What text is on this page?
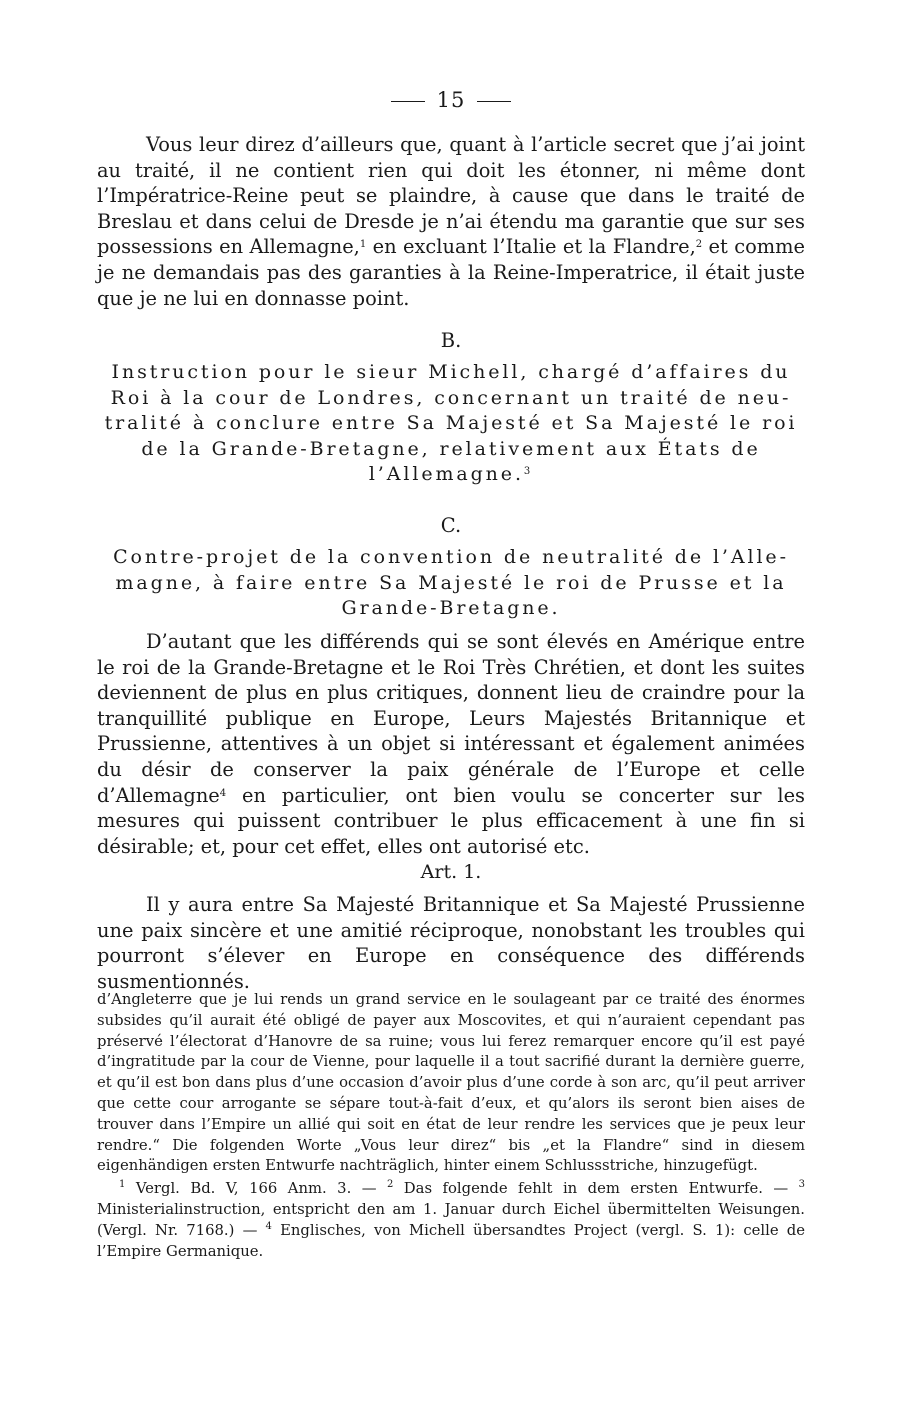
15

Vous leur direz d’ailleurs que, quant à l’article secret que j’ai joint au traité, il ne contient rien qui doit les étonner, ni même dont l’Impératrice-Reine peut se plaindre, à cause que dans le traité de Breslau et dans celui de Dresde je n’ai étendu ma garantie que sur ses possessions en Allemagne,$^1$ en excluant l’Italie et la Flandre,$^2$ et comme je ne demandais pas des garanties à la Reine-Imperatrice, il était juste que je ne lui en donnasse point.

B.
Instruction pour le sieur Michell, chargé d’affaires du
Roi à la cour de Londres, concernant un traité de neu-
tralité à conclure entre Sa Majesté et Sa Majesté le roi
de la Grande-Bretagne, relativement aux États de
l’Allemagne.$^3$
C.
Contre-projet de la convention de neutralité de l’Alle-
magne, à faire entre Sa Majesté le roi de Prusse et la
Grande-Bretagne.

D’autant que les différends qui se sont élevés en Amérique entre le roi de la Grande-Bretagne et le Roi Très Chrétien, et dont les suites deviennent de plus en plus critiques, donnent lieu de craindre pour la tranquillité publique en Europe, Leurs Majestés Britannique et Prussienne, attentives à un objet si intéressant et également animées du désir de conserver la paix générale de l’Europe et celle d’Allemagne$^4$ en particulier, ont bien voulu se concerter sur les mesures qui puissent contribuer le plus efficacement à une fin si désirable; et, pour cet effet, elles ont autorisé etc.

Art. 1.

Il y aura entre Sa Majesté Britannique et Sa Majesté Prussienne une paix sincère et une amitié réciproque, nonobstant les troubles qui pourront s’élever en Europe en conséquence des différends susmentionnés.

d’Angleterre que je lui rends un grand service en le soulageant par ce traité des énormes subsides qu’il aurait été obligé de payer aux Moscovites, et qui n’auraient cependant pas préservé l’électorat d’Hanovre de sa ruine; vous lui ferez remarquer encore qu’il est payé d’ingratitude par la cour de Vienne, pour laquelle il a tout sacrifié durant la dernière guerre, et qu’il est bon dans plus d’une occasion d’avoir plus d’une corde à son arc, qu’il peut arriver que cette cour arrogante se sépare tout-à-fait d’eux, et qu’alors ils seront bien aises de trouver dans l’Empire un allié qui soit en état de leur rendre les services que je peux leur rendre.“ Die folgenden Worte „Vous leur direz“ bis „et la Flandre“ sind in diesem eigenhändigen ersten Entwurfe nachträglich, hinter einem Schlussstriche, hinzugefügt.

$^1$ Vergl. Bd. V, 166 Anm. 3. — $^2$ Das folgende fehlt in dem ersten Entwurfe. — $^3$ Ministerialinstruction, entspricht den am 1. Januar durch Eichel übermittelten Weisungen. (Vergl. Nr. 7168.) — $^4$ Englisches, von Michell übersandtes Project (vergl. S. 1): celle de l’Empire Germanique.
